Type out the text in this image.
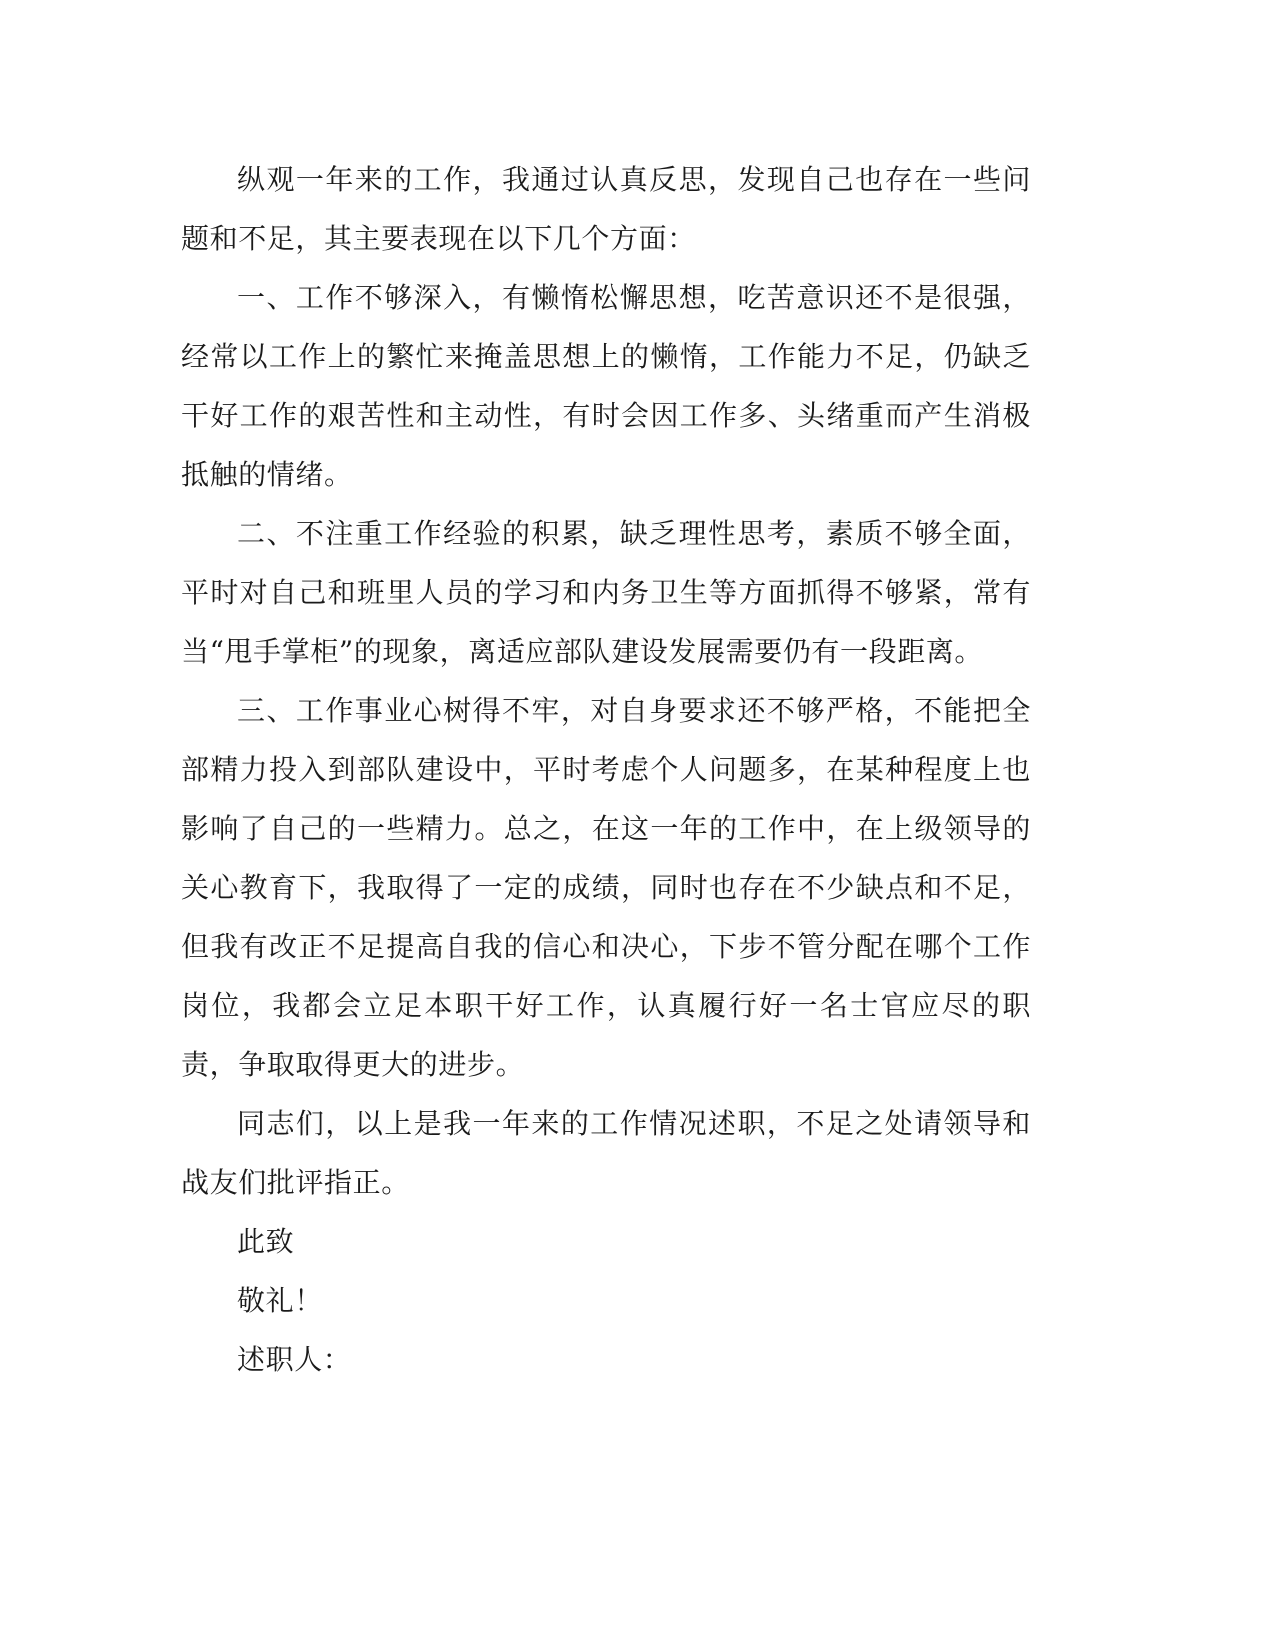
纵观一年来的工作，我通过认真反思，发现自己也存在一些问题和不足，其主要表现在以下几个方面：

一、工作不够深入，有懒惰松懈思想，吃苦意识还不是很强，经常以工作上的繁忙来掩盖思想上的懒惰，工作能力不足，仍缺乏干好工作的艰苦性和主动性，有时会因工作多、头绪重而产生消极抵触的情绪。

二、不注重工作经验的积累，缺乏理性思考，素质不够全面，平时对自己和班里人员的学习和内务卫生等方面抓得不够紧，常有当“甩手掌柜”的现象，离适应部队建设发展需要仍有一段距离。

三、工作事业心树得不牢，对自身要求还不够严格，不能把全部精力投入到部队建设中，平时考虑个人问题多，在某种程度上也影响了自己的一些精力。总之，在这一年的工作中，在上级领导的关心教育下，我取得了一定的成绩，同时也存在不少缺点和不足，但我有改正不足提高自我的信心和决心，下步不管分配在哪个工作岗位，我都会立足本职干好工作，认真履行好一名士官应尽的职责，争取取得更大的进步。

同志们，以上是我一年来的工作情况述职，不足之处请领导和战友们批评指正。

此致

敬礼！

述职人：
